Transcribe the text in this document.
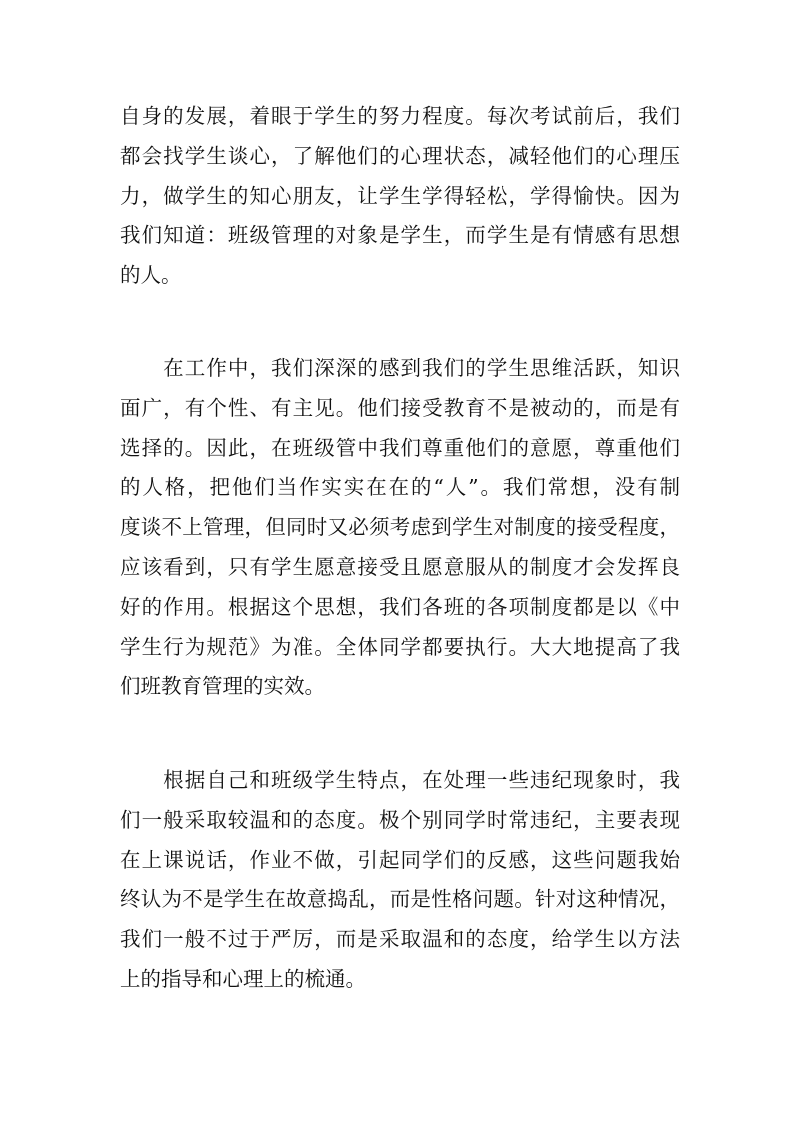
自身的发展，着眼于学生的努力程度。每次考试前后，我们
都会找学生谈心，了解他们的心理状态，减轻他们的心理压
力，做学生的知心朋友，让学生学得轻松，学得愉快。因为
我们知道：班级管理的对象是学生，而学生是有情感有思想
的人。
　　在工作中，我们深深的感到我们的学生思维活跃，知识
面广，有个性、有主见。他们接受教育不是被动的，而是有
选择的。因此，在班级管中我们尊重他们的意愿，尊重他们
的人格，把他们当作实实在在的“人”。我们常想，没有制
度谈不上管理，但同时又必须考虑到学生对制度的接受程度，
应该看到，只有学生愿意接受且愿意服从的制度才会发挥良
好的作用。根据这个思想，我们各班的各项制度都是以《中
学生行为规范》为准。全体同学都要执行。大大地提高了我
们班教育管理的实效。
　　根据自己和班级学生特点，在处理一些违纪现象时，我
们一般采取较温和的态度。极个别同学时常违纪，主要表现
在上课说话，作业不做，引起同学们的反感，这些问题我始
终认为不是学生在故意捣乱，而是性格问题。针对这种情况，
我们一般不过于严厉，而是采取温和的态度，给学生以方法
上的指导和心理上的梳通。
